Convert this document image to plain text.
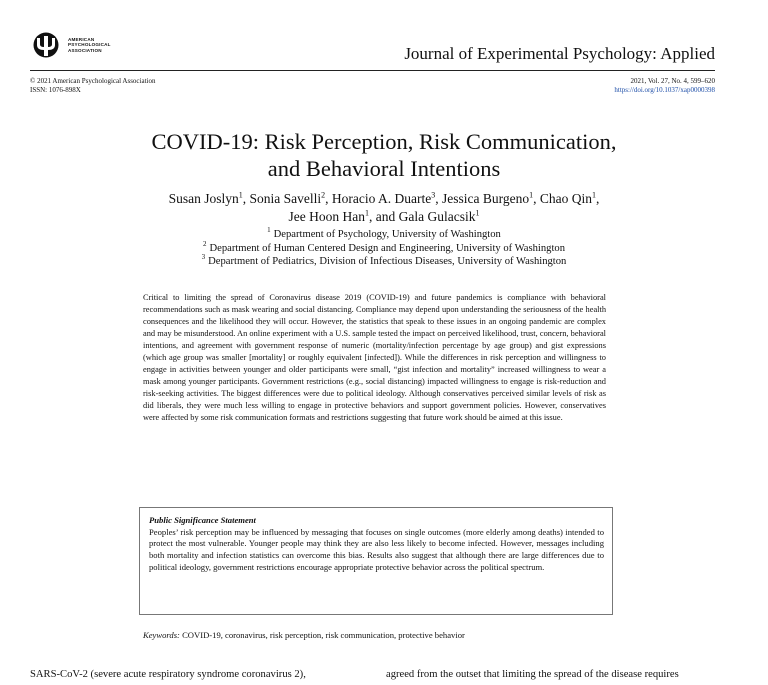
AMERICAN
PSYCHOLOGICAL
ASSOCIATION	Journal of Experimental Psychology: Applied
© 2021 American Psychological Association
ISSN: 1076-898X
2021, Vol. 27, No. 4, 599–620
https://doi.org/10.1037/xap0000398
COVID-19: Risk Perception, Risk Communication,
and Behavioral Intentions
Susan Joslyn$^1$, Sonia Savelli$^2$, Horacio A. Duarte$^3$, Jessica Burgeno$^1$, Chao Qin$^1$,
Jee Hoon Han$^1$, and Gala Gulacsik$^1$
$^1$ Department of Psychology, University of Washington
$^2$ Department of Human Centered Design and Engineering, University of Washington
$^3$ Department of Pediatrics, Division of Infectious Diseases, University of Washington
Critical to limiting the spread of Coronavirus disease 2019 (COVID-19) and future pandemics is compliance with behavioral recommendations such as mask wearing and social distancing. Compliance may depend upon understanding the seriousness of the health consequences and the likelihood they will occur. However, the statistics that speak to these issues in an ongoing pandemic are complex and may be misunderstood. An online experiment with a U.S. sample tested the impact on perceived likelihood, trust, concern, behavioral intentions, and agreement with government response of numeric (mortality/infection percentage by age group) and gist expressions (which age group was smaller [mortality] or roughly equivalent [infected]). While the differences in risk perception and willingness to engage in activities between younger and older participants were small, “gist infection and mortality” increased willingness to wear a mask among younger participants. Government restrictions (e.g., social distancing) impacted willingness to engage is risk-reduction and risk-seeking activities. The biggest differences were due to political ideology. Although conservatives perceived similar levels of risk as did liberals, they were much less willing to engage in protective behaviors and support government policies. However, conservatives were affected by some risk communication formats and restrictions suggesting that future work should be aimed at this issue.
Public Significance Statement
Peoples’ risk perception may be influenced by messaging that focuses on single outcomes (more elderly among deaths) intended to protect the most vulnerable. Younger people may think they are also less likely to become infected. However, messages including both mortality and infection statistics can overcome this bias. Results also suggest that although there are large differences due to political ideology, government restrictions encourage appropriate protective behavior across the political spectrum.
Keywords: COVID-19, coronavirus, risk perception, risk communication, protective behavior
SARS-CoV-2 (severe acute respiratory syndrome coronavirus 2),	agreed from the outset that limiting the spread of the disease requires
